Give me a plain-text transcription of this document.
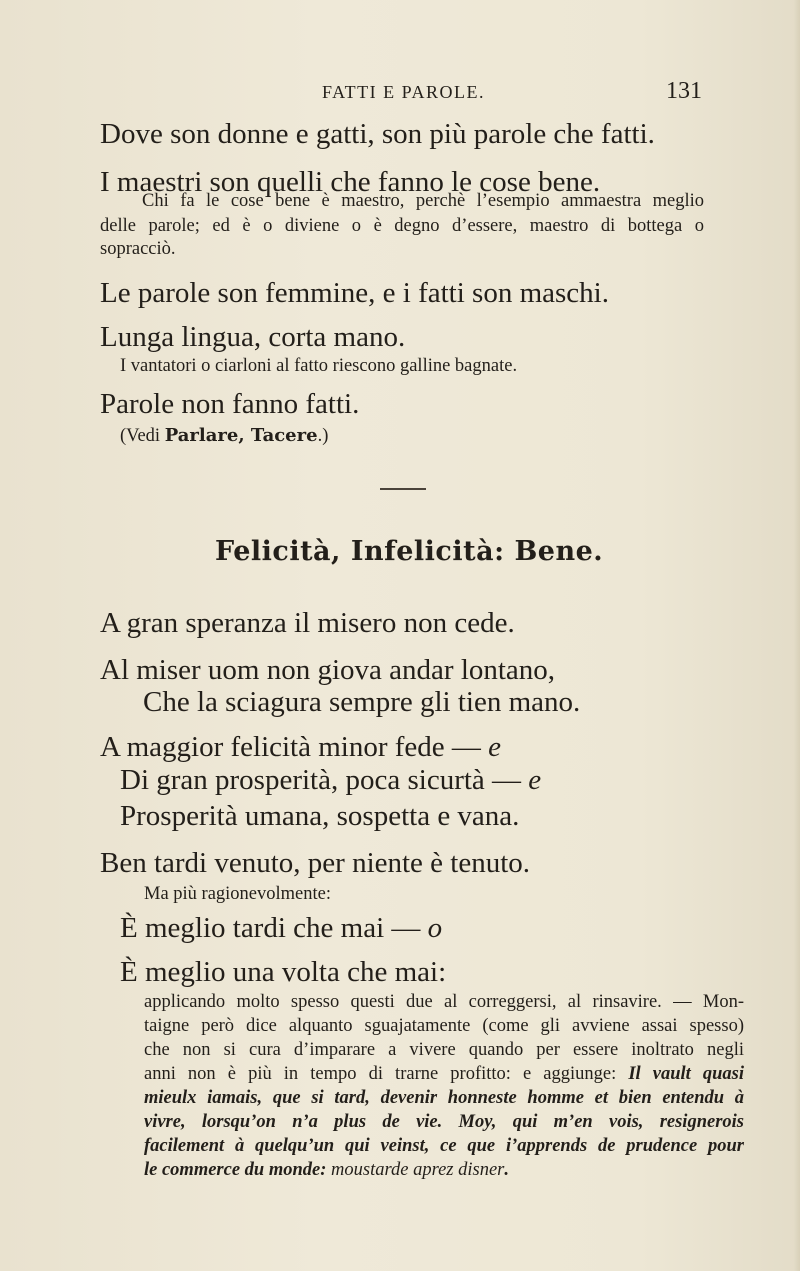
FATTI E PAROLE.	131
Dove son donne e gatti, son più parole che fatti.
I maestri son quelli che fanno le cose bene.
Chi fa le cose bene è maestro, perchè l’esempio ammaestra meglio
delle parole; ed è o diviene o è degno d’essere, maestro di bottega o
sopracciò.
Le parole son femmine, e i fatti son maschi.
Lunga lingua, corta mano.
I vantatori o ciarloni al fatto riescono galline bagnate.
Parole non fanno fatti.
(Vedi Parlare, Tacere.)
Felicità, Infelicità: Bene.
A gran speranza il misero non cede.
Al miser uom non giova andar lontano,
Che la sciagura sempre gli tien mano.
A maggior felicità minor fede — e
Di gran prosperità, poca sicurtà — e
Prosperità umana, sospetta e vana.
Ben tardi venuto, per niente è tenuto.
Ma più ragionevolmente:
È meglio tardi che mai — o
È meglio una volta che mai:
applicando molto spesso questi due al correggersi, al rinsavire. — Mon-
taigne però dice alquanto sguajatamente (come gli avviene assai spesso)
che non si cura d’imparare a vivere quando per essere inoltrato negli
anni non è più in tempo di trarne profitto: e aggiunge: Il vault quasi
mieulx iamais, que si tard, devenir honneste homme et bien entendu à
vivre, lorsqu’on n’a plus de vie. Moy, qui m’en vois, resignerois
facilement à quelqu’un qui veinst, ce que i’apprends de prudence pour
le commerce du monde: moustarde aprez disner.
